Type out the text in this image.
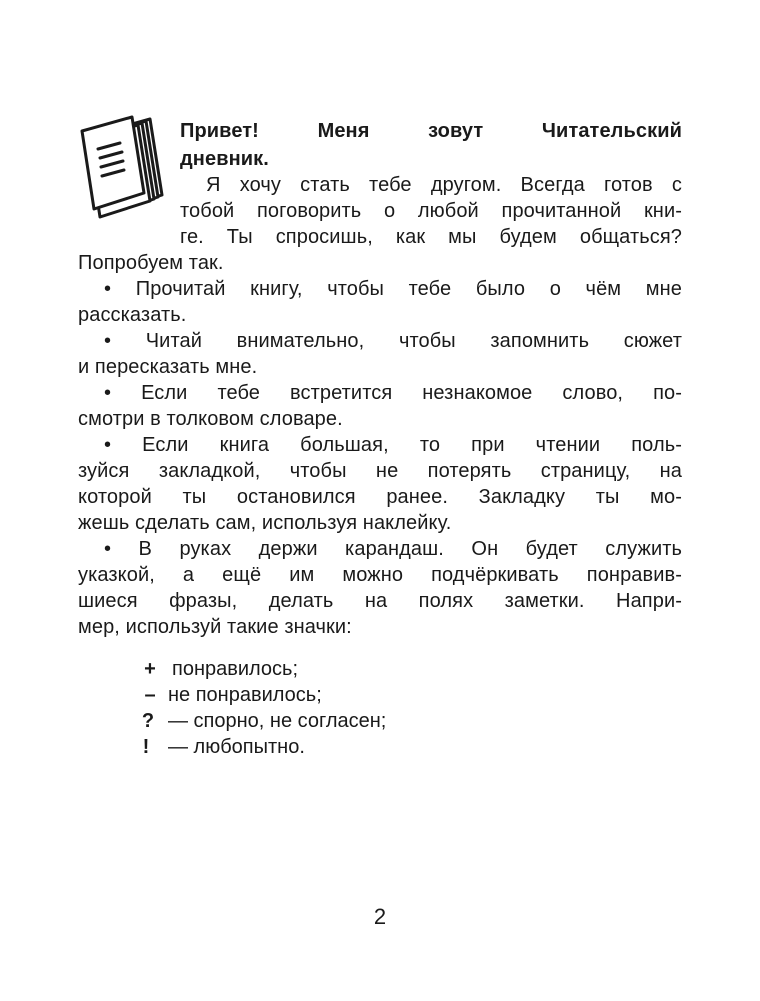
Привет! Меня зовут Читательский
дневник.
Я хочу стать тебе другом. Всегда готов с
тобой поговорить о любой прочитанной кни-
ге. Ты спросишь, как мы будем общаться?
Попробуем так.
• Прочитай книгу, чтобы тебе было о чём мне
рассказать.
• Читай внимательно, чтобы запомнить сюжет
и пересказать мне.
• Если тебе встретится незнакомое слово, по-
смотри в толковом словаре.
• Если книга большая, то при чтении поль-
зуйся закладкой, чтобы не потерять страницу, на
которой ты остановился ранее. Закладку ты мо-
жешь сделать сам, используя наклейку.
• В руках держи карандаш. Он будет служить
указкой, а ещё им можно подчёркивать понравив-
шиеся фразы, делать на полях заметки. Напри-
мер, используй такие значки:
+ понравилось;
– не понравилось;
? — спорно, не согласен;
! — любопытно.
2
